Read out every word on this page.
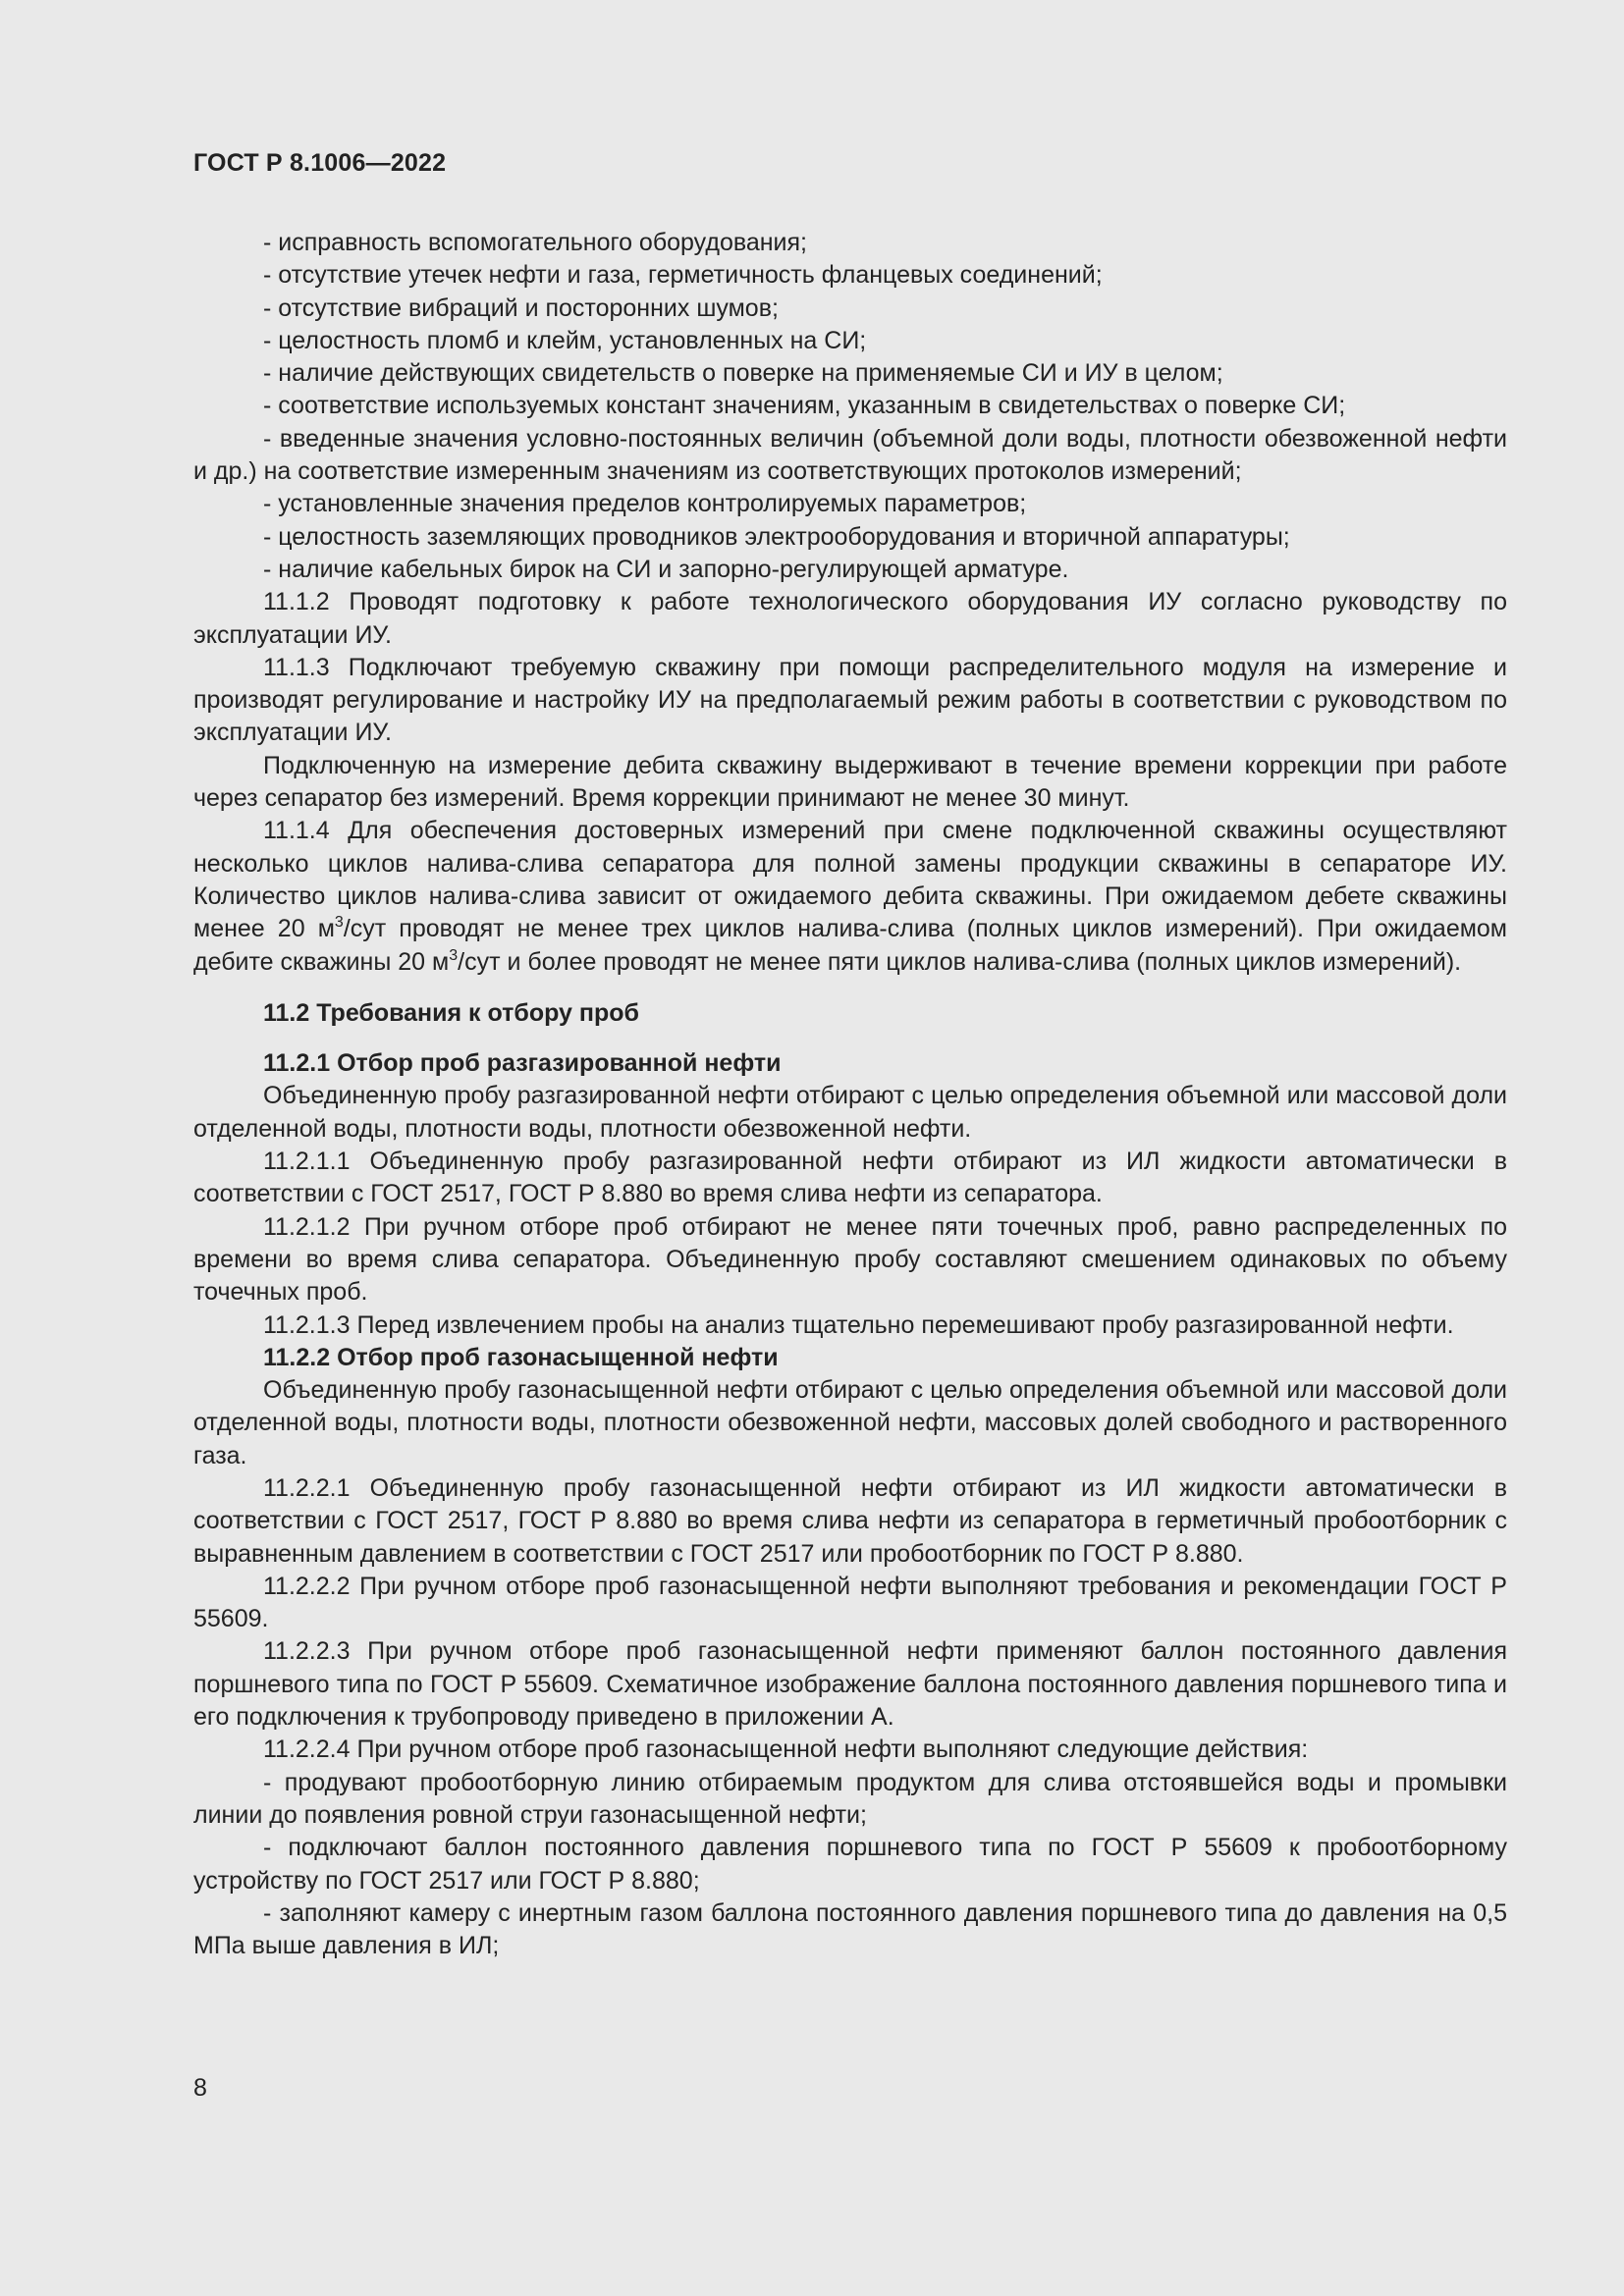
ГОСТ Р 8.1006—2022

- исправность вспомогательного оборудования;

- отсутствие утечек нефти и газа, герметичность фланцевых соединений;

- отсутствие вибраций и посторонних шумов;

- целостность пломб и клейм, установленных на СИ;

- наличие действующих свидетельств о поверке на применяемые СИ и ИУ в целом;

- соответствие используемых констант значениям, указанным в свидетельствах о поверке СИ;

- введенные значения условно-постоянных величин (объемной доли воды, плотности обезвоженной нефти и др.) на соответствие измеренным значениям из соответствующих протоколов измерений;

- установленные значения пределов контролируемых параметров;

- целостность заземляющих проводников электрооборудования и вторичной аппаратуры;

- наличие кабельных бирок на СИ и запорно-регулирующей арматуре.

11.1.2 Проводят подготовку к работе технологического оборудования ИУ согласно руководству по эксплуатации ИУ.

11.1.3 Подключают требуемую скважину при помощи распределительного модуля на измерение и производят регулирование и настройку ИУ на предполагаемый режим работы в соответствии с руководством по эксплуатации ИУ.

Подключенную на измерение дебита скважину выдерживают в течение времени коррекции при работе через сепаратор без измерений. Время коррекции принимают не менее 30 минут.

11.1.4 Для обеспечения достоверных измерений при смене подключенной скважины осуществляют несколько циклов налива-слива сепаратора для полной замены продукции скважины в сепараторе ИУ. Количество циклов налива-слива зависит от ожидаемого дебита скважины. При ожидаемом дебете скважины менее 20 $м^3$/сут проводят не менее трех циклов налива-слива (полных циклов измерений). При ожидаемом дебите скважины 20 $м^3$/сут и более проводят не менее пяти циклов налива-слива (полных циклов измерений).

11.2 Требования к отбору проб

11.2.1 Отбор проб разгазированной нефти

Объединенную пробу разгазированной нефти отбирают с целью определения объемной или массовой доли отделенной воды, плотности воды, плотности обезвоженной нефти.

11.2.1.1 Объединенную пробу разгазированной нефти отбирают из ИЛ жидкости автоматически в соответствии с ГОСТ 2517, ГОСТ Р 8.880 во время слива нефти из сепаратора.

11.2.1.2 При ручном отборе проб отбирают не менее пяти точечных проб, равно распределенных по времени во время слива сепаратора. Объединенную пробу составляют смешением одинаковых по объему точечных проб.

11.2.1.3 Перед извлечением пробы на анализ тщательно перемешивают пробу разгазированной нефти.

11.2.2 Отбор проб газонасыщенной нефти

Объединенную пробу газонасыщенной нефти отбирают с целью определения объемной или массовой доли отделенной воды, плотности воды, плотности обезвоженной нефти, массовых долей свободного и растворенного газа.

11.2.2.1 Объединенную пробу газонасыщенной нефти отбирают из ИЛ жидкости автоматически в соответствии с ГОСТ 2517, ГОСТ Р 8.880 во время слива нефти из сепаратора в герметичный пробоотборник с выравненным давлением в соответствии с ГОСТ 2517 или пробоотборник по ГОСТ Р 8.880.

11.2.2.2 При ручном отборе проб газонасыщенной нефти выполняют требования и рекомендации ГОСТ Р 55609.

11.2.2.3 При ручном отборе проб газонасыщенной нефти применяют баллон постоянного давления поршневого типа по ГОСТ Р 55609. Схематичное изображение баллона постоянного давления поршневого типа и его подключения к трубопроводу приведено в приложении А.

11.2.2.4 При ручном отборе проб газонасыщенной нефти выполняют следующие действия:

- продувают пробоотборную линию отбираемым продуктом для слива отстоявшейся воды и промывки линии до появления ровной струи газонасыщенной нефти;

- подключают баллон постоянного давления поршневого типа по ГОСТ Р 55609 к пробоотборному устройству по ГОСТ 2517 или ГОСТ Р 8.880;

- заполняют камеру с инертным газом баллона постоянного давления поршневого типа до давления на 0,5 МПа выше давления в ИЛ;

8
